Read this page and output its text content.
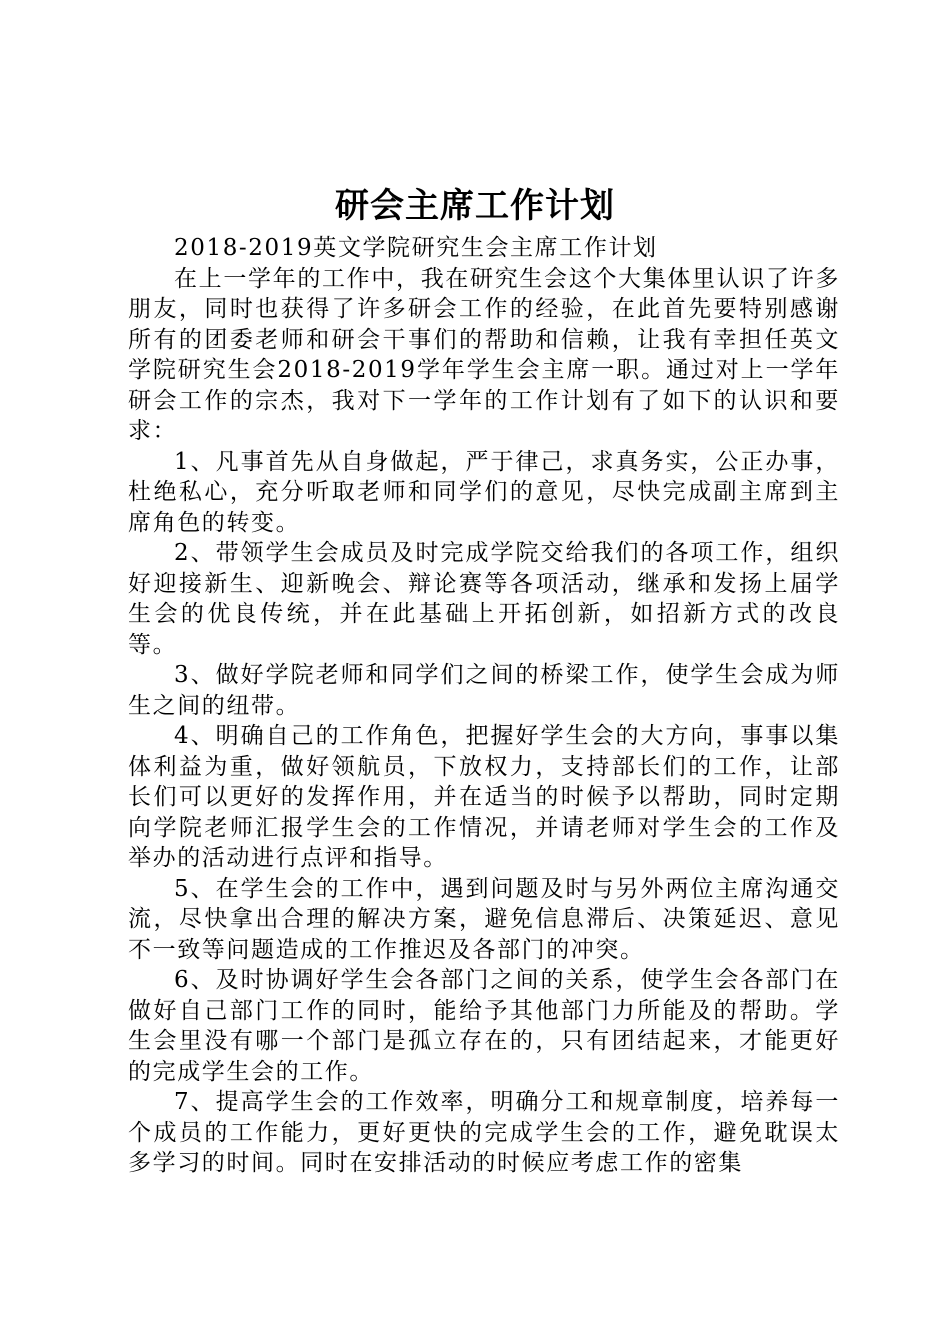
研会主席工作计划

2018-2019英文学院研究生会主席工作计划

在上一学年的工作中，我在研究生会这个大集体里认识了许多朋友，同时也获得了许多研会工作的经验，在此首先要特别感谢所有的团委老师和研会干事们的帮助和信赖，让我有幸担任英文学院研究生会2018-2019学年学生会主席一职。通过对上一学年研会工作的宗杰，我对下一学年的工作计划有了如下的认识和要求：

1、凡事首先从自身做起，严于律己，求真务实，公正办事，杜绝私心，充分听取老师和同学们的意见，尽快完成副主席到主席角色的转变。

2、带领学生会成员及时完成学院交给我们的各项工作，组织好迎接新生、迎新晚会、辩论赛等各项活动，继承和发扬上届学生会的优良传统，并在此基础上开拓创新，如招新方式的改良等。

3、做好学院老师和同学们之间的桥梁工作，使学生会成为师生之间的纽带。

4、明确自己的工作角色，把握好学生会的大方向，事事以集体利益为重，做好领航员，下放权力，支持部长们的工作，让部长们可以更好的发挥作用，并在适当的时候予以帮助，同时定期向学院老师汇报学生会的工作情况，并请老师对学生会的工作及举办的活动进行点评和指导。

5、在学生会的工作中，遇到问题及时与另外两位主席沟通交流，尽快拿出合理的解决方案，避免信息滞后、决策延迟、意见不一致等问题造成的工作推迟及各部门的冲突。

6、及时协调好学生会各部门之间的关系，使学生会各部门在做好自己部门工作的同时，能给予其他部门力所能及的帮助。学生会里没有哪一个部门是孤立存在的，只有团结起来，才能更好的完成学生会的工作。

7、提高学生会的工作效率，明确分工和规章制度，培养每一个成员的工作能力，更好更快的完成学生会的工作，避免耽误太多学习的时间。同时在安排活动的时候应考虑工作的密集
